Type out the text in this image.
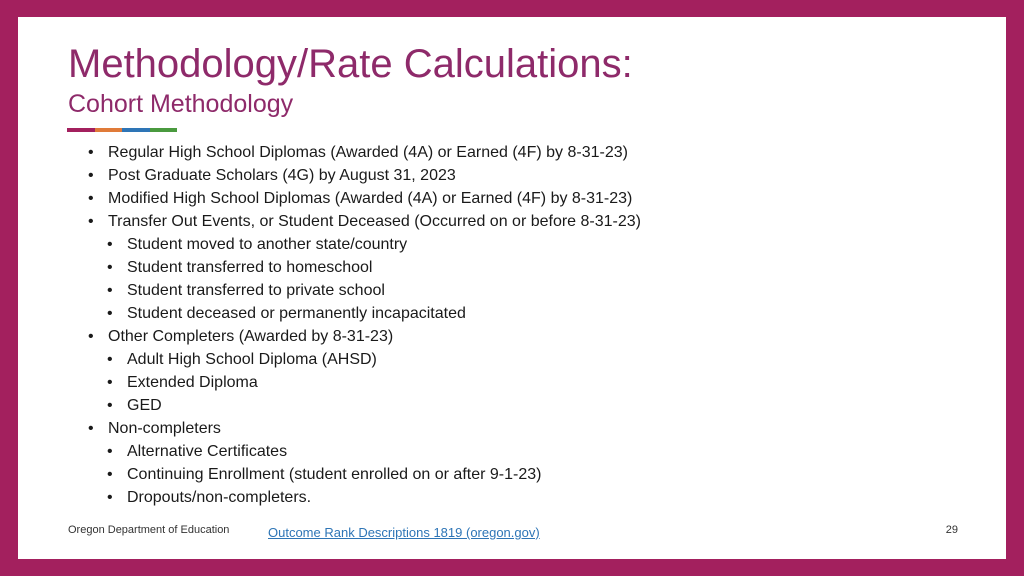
Methodology/Rate Calculations:
Cohort Methodology
• Regular High School Diplomas (Awarded (4A) or Earned (4F) by 8-31-23)
• Post Graduate Scholars (4G) by August 31, 2023
• Modified High School Diplomas (Awarded (4A) or Earned (4F) by 8-31-23)
• Transfer Out Events, or Student Deceased (Occurred on or before 8-31-23)
• Student moved to another state/country
• Student transferred to homeschool
• Student transferred to private school
• Student deceased or permanently incapacitated
• Other Completers (Awarded by 8-31-23)
• Adult High School Diploma (AHSD)
• Extended Diploma
• GED
• Non-completers
• Alternative Certificates
• Continuing Enrollment (student enrolled on or after 9-1-23)
• Dropouts/non-completers.
Oregon Department of Education	Outcome Rank Descriptions 1819 (oregon.gov)	29
